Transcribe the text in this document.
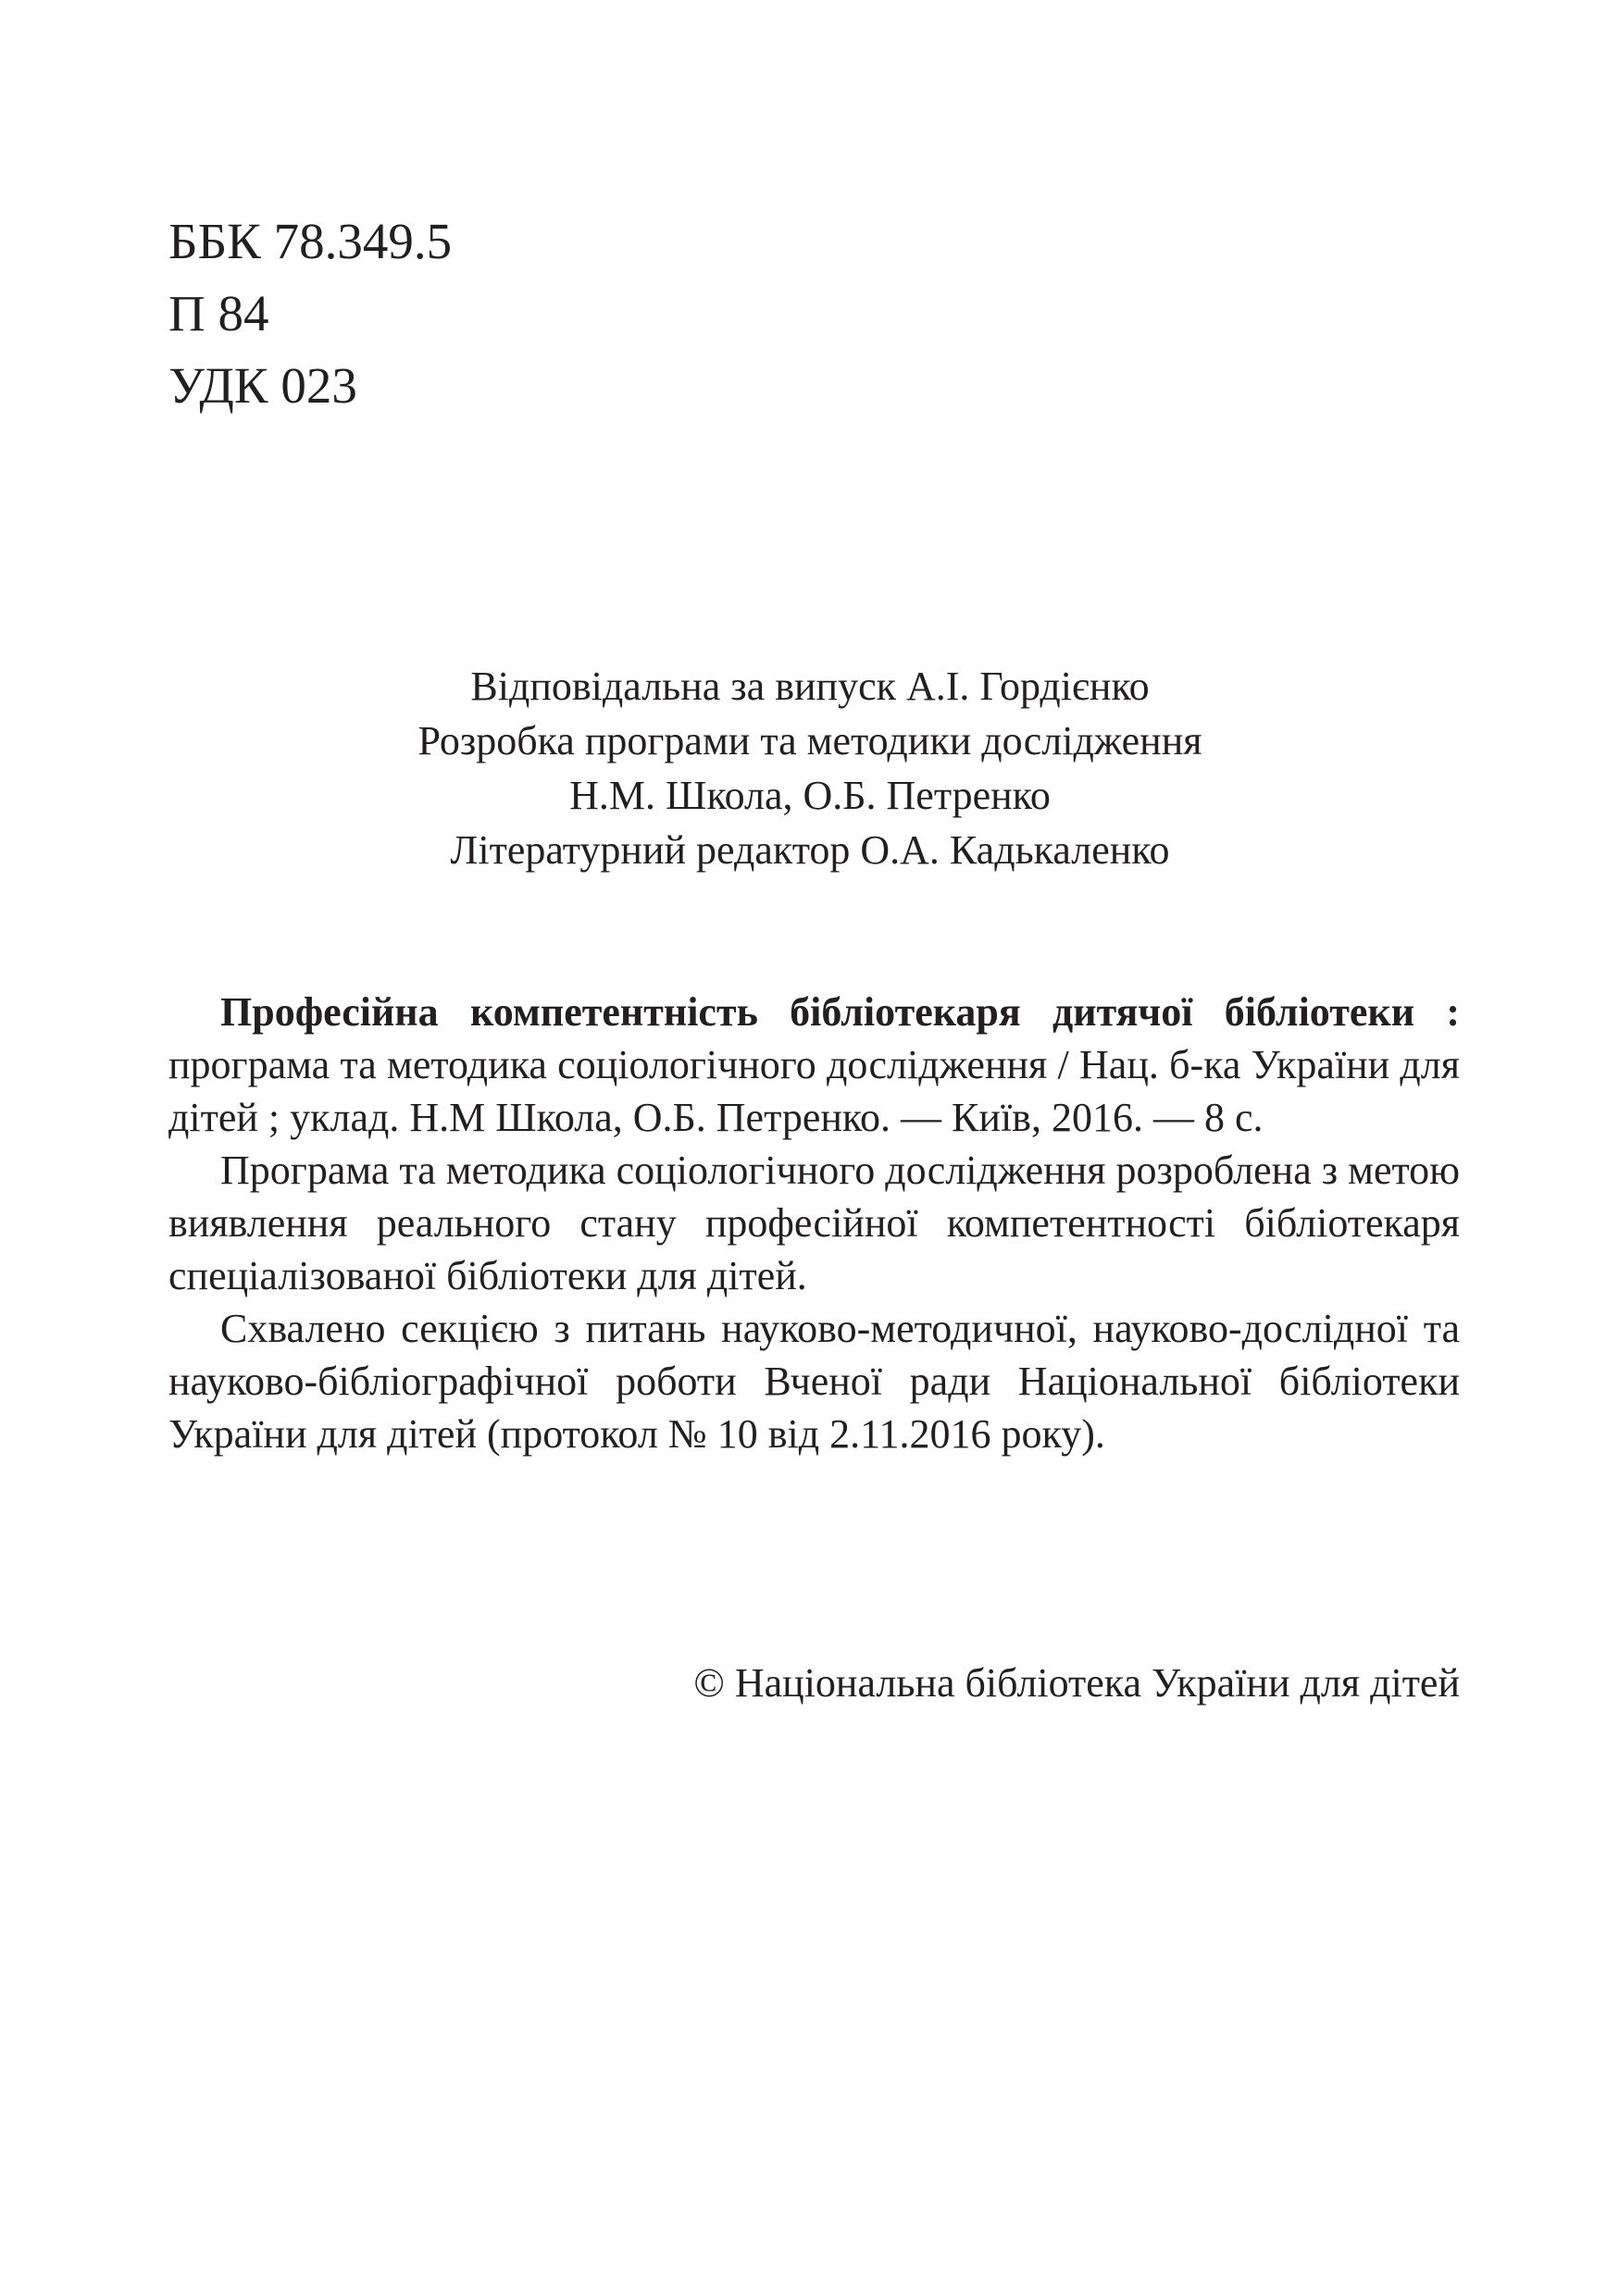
ББК 78.349.5
П 84
УДК 023
Відповідальна за випуск А.І. Гордієнко
Розробка програми та методики дослідження
Н.М. Школа, О.Б. Петренко
Літературний редактор О.А. Кадькаленко

Професійна компетентність бібліотекаря дитячої бібліотеки : програма та методика соціологічного дослідження / Нац. б-ка України для дітей ; уклад. Н.М Школа, О.Б. Петренко. — Київ, 2016. — 8 с.

Програма та методика соціологічного дослідження розроблена з метою виявлення реального стану професійної компетентності бібліотекаря спеціалізованої бібліотеки для дітей.

Схвалено секцією з питань науково-методичної, науково-дослідної та науково-бібліографічної роботи Вченої ради Національної бібліотеки України для дітей (протокол № 10 від 2.11.2016 року).

© Національна бібліотека України для дітей
